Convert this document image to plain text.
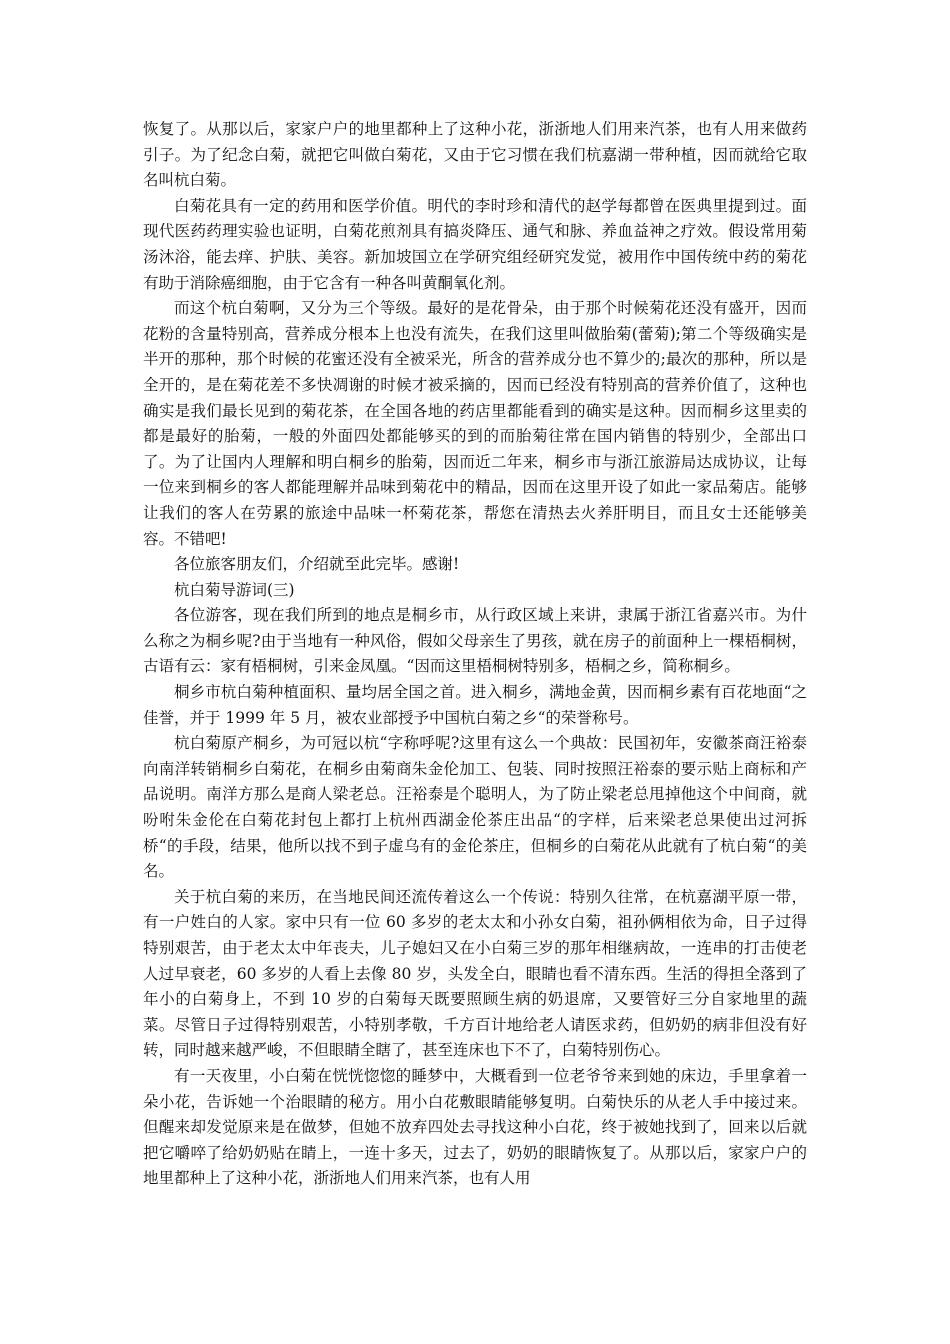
恢复了。从那以后，家家户户的地里都种上了这种小花，浙浙地人们用来汽茶，也有人用来做药引子。为了纪念白菊，就把它叫做白菊花，又由于它习惯在我们杭嘉湖一带种植，因而就给它取名叫杭白菊。

白菊花具有一定的药用和医学价值。明代的李时珍和清代的赵学每都曾在医典里提到过。面现代医药药理实验也证明，白菊花煎剂具有搞炎降压、通气和脉、养血益神之疗效。假设常用菊汤沐浴，能去痒、护肤、美容。新加坡国立在学研究组经研究发觉，被用作中国传统中药的菊花有助于消除癌细胞，由于它含有一种各叫黄酮氧化剂。

而这个杭白菊啊，又分为三个等级。最好的是花骨朵，由于那个时候菊花还没有盛开，因而花粉的含量特别高，营养成分根本上也没有流失，在我们这里叫做胎菊(蕾菊);第二个等级确实是半开的那种，那个时候的花蜜还没有全被采光，所含的营养成分也不算少的;最次的那种，所以是全开的，是在菊花差不多快凋谢的时候才被采摘的，因而已经没有特别高的营养价值了，这种也确实是我们最长见到的菊花茶，在全国各地的药店里都能看到的确实是这种。因而桐乡这里卖的都是最好的胎菊，一般的外面四处都能够买的到的而胎菊往常在国内销售的特别少，全部出口了。为了让国内人理解和明白桐乡的胎菊，因而近二年来，桐乡市与浙江旅游局达成协议，让每一位来到桐乡的客人都能理解并品味到菊花中的精品，因而在这里开设了如此一家品菊店。能够让我们的客人在劳累的旅途中品味一杯菊花茶，帮您在清热去火养肝明目，而且女士还能够美容。不错吧!

各位旅客朋友们，介绍就至此完毕。感谢!

杭白菊导游词(三)

各位游客，现在我们所到的地点是桐乡市，从行政区域上来讲，隶属于浙江省嘉兴市。为什么称之为桐乡呢?由于当地有一种风俗，假如父母亲生了男孩，就在房子的前面种上一棵梧桐树，古语有云：家有梧桐树，引来金凤凰。“因而这里梧桐树特别多，梧桐之乡，简称桐乡。

桐乡市杭白菊种植面积、量均居全国之首。进入桐乡，满地金黄，因而桐乡素有百花地面“之佳誉，并于 1999 年 5 月，被农业部授予中国杭白菊之乡“的荣誉称号。

杭白菊原产桐乡，为可冠以杭“字称呼呢?这里有这么一个典故：民国初年，安徽茶商汪裕泰向南洋转销桐乡白菊花，在桐乡由菊商朱金伦加工、包装、同时按照汪裕泰的要示贴上商标和产品说明。南洋方那么是商人梁老总。汪裕泰是个聪明人，为了防止梁老总甩掉他这个中间商，就吩咐朱金伦在白菊花封包上都打上杭州西湖金伦茶庄出品“的字样，后来梁老总果使出过河拆桥“的手段，结果，他所以找不到子虚乌有的金伦茶庄，但桐乡的白菊花从此就有了杭白菊“的美名。

关于杭白菊的来历，在当地民间还流传着这么一个传说：特别久往常，在杭嘉湖平原一带，有一户姓白的人家。家中只有一位 60 多岁的老太太和小孙女白菊，祖孙俩相依为命，日子过得特别艰苦，由于老太太中年丧夫，儿子媳妇又在小白菊三岁的那年相继病故，一连串的打击使老人过早衰老，60 多岁的人看上去像 80 岁，头发全白，眼睛也看不清东西。生活的得担全落到了年小的白菊身上，不到 10 岁的白菊每天既要照顾生病的奶退席，又要管好三分自家地里的蔬菜。尽管日子过得特别艰苦，小特别孝敬，千方百计地给老人请医求药，但奶奶的病非但没有好转，同时越来越严峻，不但眼睛全瞎了，甚至连床也下不了，白菊特别伤心。

有一天夜里，小白菊在恍恍惚惚的睡梦中，大概看到一位老爷爷来到她的床边，手里拿着一朵小花，告诉她一个治眼睛的秘方。用小白花敷眼睛能够复明。白菊快乐的从老人手中接过来。但醒来却发觉原来是在做梦，但她不放弃四处去寻找这种小白花，终于被她找到了，回来以后就把它嚼啐了给奶奶贴在睛上，一连十多天，过去了，奶奶的眼睛恢复了。从那以后，家家户户的地里都种上了这种小花，浙浙地人们用来汽茶，也有人用
